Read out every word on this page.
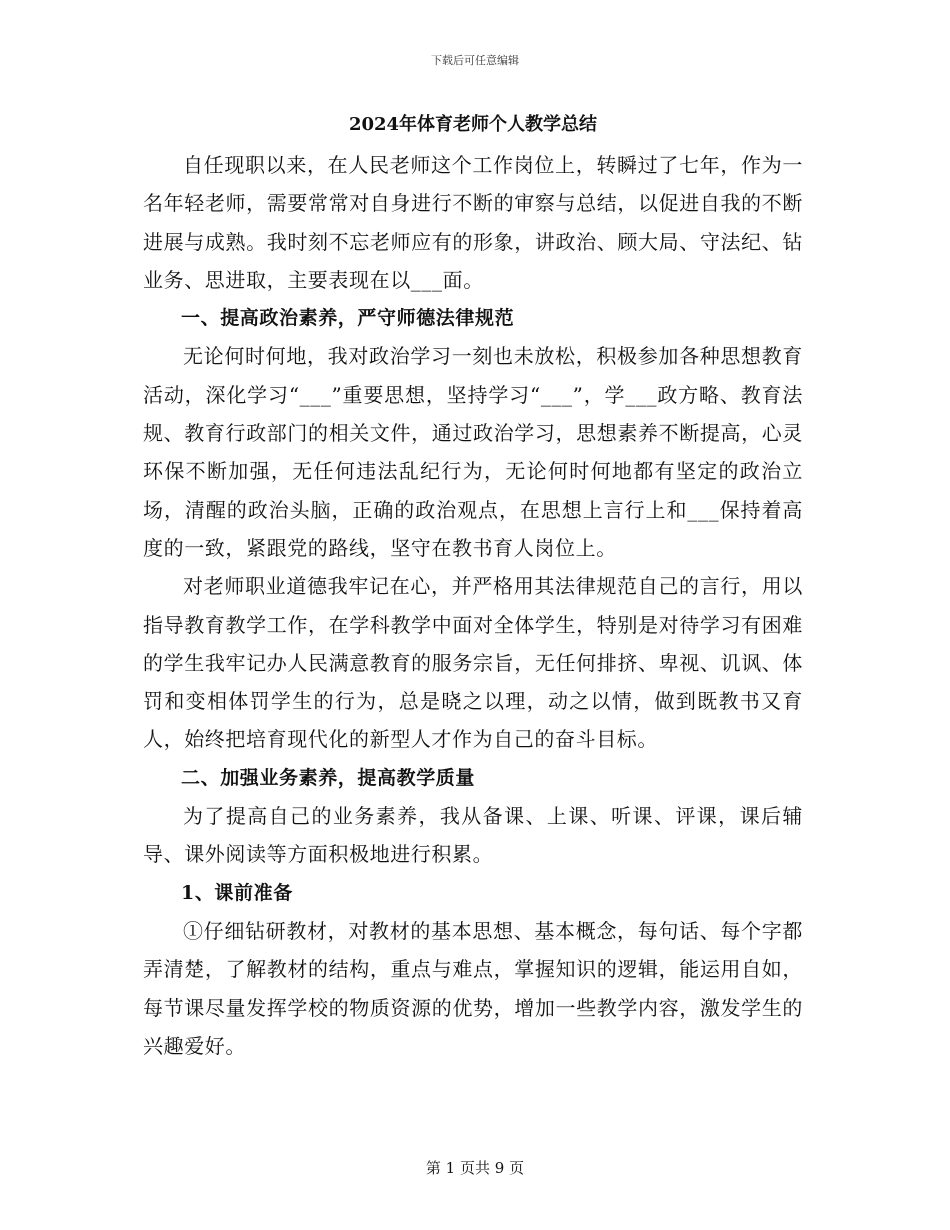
下载后可任意编辑
2024年体育老师个人教学总结

自任现职以来，在人民老师这个工作岗位上，转瞬过了七年，作为一名年轻老师，需要常常对自身进行不断的审察与总结，以促进自我的不断进展与成熟。我时刻不忘老师应有的形象，讲政治、顾大局、守法纪、钻业务、思进取，主要表现在以___面。

一、提高政治素养，严守师德法律规范

无论何时何地，我对政治学习一刻也未放松，积极参加各种思想教育活动，深化学习“___”重要思想，坚持学习“___”，学___政方略、教育法规、教育行政部门的相关文件，通过政治学习，思想素养不断提高，心灵环保不断加强，无任何违法乱纪行为，无论何时何地都有坚定的政治立场，清醒的政治头脑，正确的政治观点，在思想上言行上和___保持着高度的一致，紧跟党的路线，坚守在教书育人岗位上。

对老师职业道德我牢记在心，并严格用其法律规范自己的言行，用以指导教育教学工作，在学科教学中面对全体学生，特别是对待学习有困难的学生我牢记办人民满意教育的服务宗旨，无任何排挤、卑视、讥讽、体罚和变相体罚学生的行为，总是晓之以理，动之以情，做到既教书又育人，始终把培育现代化的新型人才作为自己的奋斗目标。

二、加强业务素养，提高教学质量

为了提高自己的业务素养，我从备课、上课、听课、评课，课后辅导、课外阅读等方面积极地进行积累。

1、课前准备

①仔细钻研教材，对教材的基本思想、基本概念，每句话、每个字都弄清楚，了解教材的结构，重点与难点，掌握知识的逻辑，能运用自如，每节课尽量发挥学校的物质资源的优势，增加一些教学内容，激发学生的兴趣爱好。

第 1 页共 9 页
